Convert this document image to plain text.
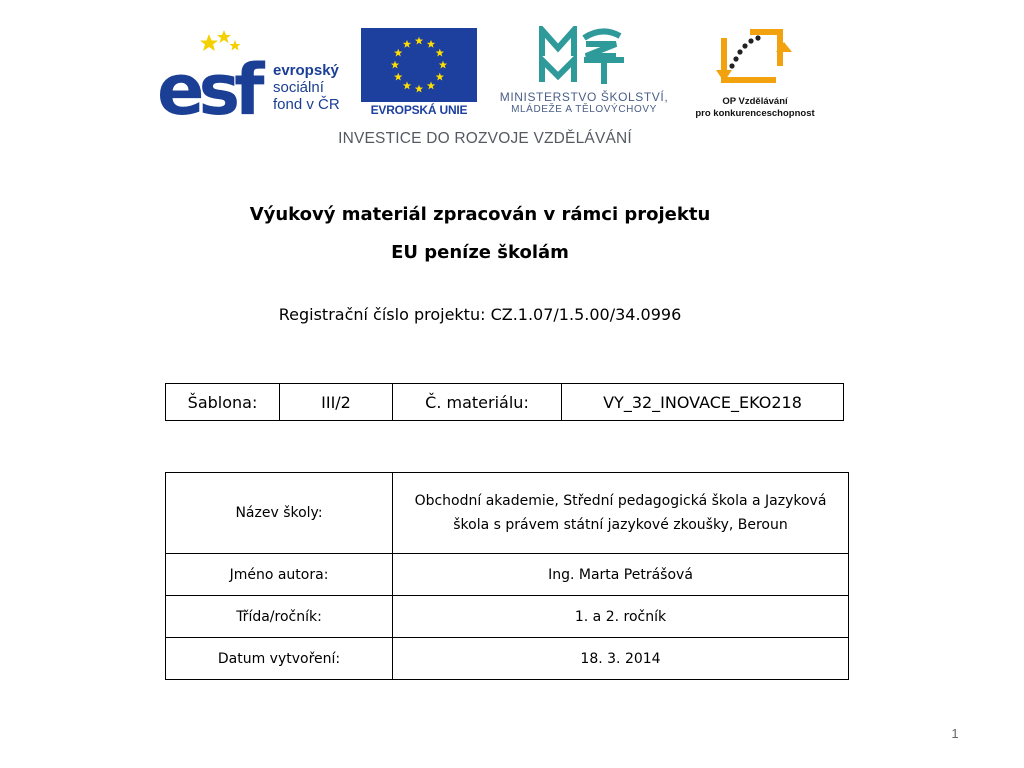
esf evropský
sociální
fond v ČR	EVROPSKÁ UNIE
MINISTERSTVO ŠKOLSTVÍ,
MLÁDEŽE A TĚLOVÝCHOVY
OP Vzdělávání
pro konkurenceschopnost
INVESTICE DO ROZVOJE VZDĚLÁVÁNÍ
Výukový materiál zpracován v rámci projektu
EU peníze školám
Registrační číslo projektu: CZ.1.07/1.5.00/34.0996
Šablona:	III/2	Č. materiálu:	VY_32_INOVACE_EKO218
Název školy:	Obchodní akademie, Střední pedagogická škola a Jazyková škola s právem státní jazykové zkoušky, Beroun
Jméno autora:	Ing. Marta Petrášová
Třída/ročník:	1. a 2. ročník
Datum vytvoření:	18. 3. 2014
1
